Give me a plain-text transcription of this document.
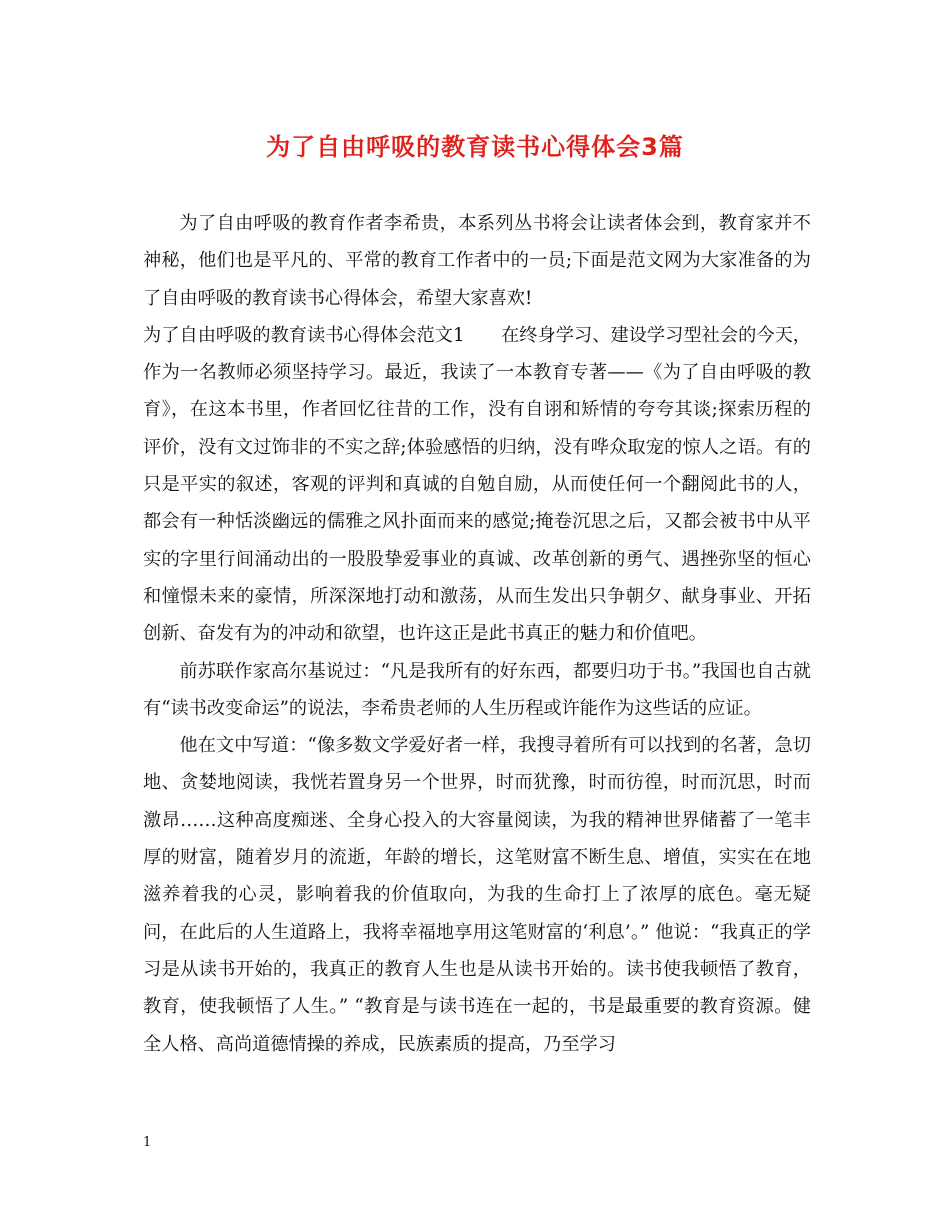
为了自由呼吸的教育读书心得体会3篇

为了自由呼吸的教育作者李希贵，本系列丛书将会让读者体会到，教育家并不神秘，他们也是平凡的、平常的教育工作者中的一员;下面是范文网为大家准备的为了自由呼吸的教育读书心得体会，希望大家喜欢!

为了自由呼吸的教育读书心得体会范文1　　在终身学习、建设学习型社会的今天，作为一名教师必须坚持学习。最近，我读了一本教育专著——《为了自由呼吸的教育》，在这本书里，作者回忆往昔的工作，没有自诩和矫情的夸夸其谈;探索历程的评价，没有文过饰非的不实之辞;体验感悟的归纳，没有哗众取宠的惊人之语。有的只是平实的叙述，客观的评判和真诚的自勉自励，从而使任何一个翻阅此书的人，都会有一种恬淡幽远的儒雅之风扑面而来的感觉;掩卷沉思之后，又都会被书中从平实的字里行间涌动出的一股股挚爱事业的真诚、改革创新的勇气、遇挫弥坚的恒心和憧憬未来的豪情，所深深地打动和激荡，从而生发出只争朝夕、献身事业、开拓创新、奋发有为的冲动和欲望，也许这正是此书真正的魅力和价值吧。

前苏联作家高尔基说过：“凡是我所有的好东西，都要归功于书。”我国也自古就有“读书改变命运”的说法，李希贵老师的人生历程或许能作为这些话的应证。

他在文中写道：“像多数文学爱好者一样，我搜寻着所有可以找到的名著，急切地、贪婪地阅读，我恍若置身另一个世界，时而犹豫，时而彷徨，时而沉思，时而激昂……这种高度痴迷、全身心投入的大容量阅读，为我的精神世界储蓄了一笔丰厚的财富，随着岁月的流逝，年龄的增长，这笔财富不断生息、增值，实实在在地滋养着我的心灵，影响着我的价值取向，为我的生命打上了浓厚的底色。毫无疑问，在此后的人生道路上，我将幸福地享用这笔财富的‘利息’。” 他说：“我真正的学习是从读书开始的，我真正的教育人生也是从读书开始的。读书使我顿悟了教育，教育，使我顿悟了人生。” “教育是与读书连在一起的，书是最重要的教育资源。健全人格、高尚道德情操的养成，民族素质的提高，乃至学习

1
